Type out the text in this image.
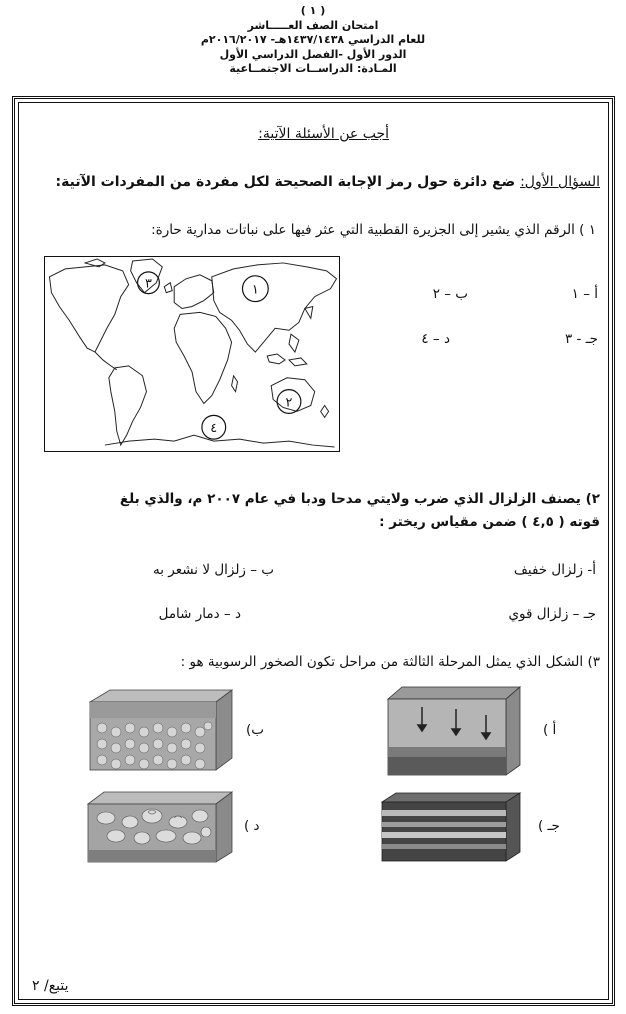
( ١ )
امتحان الصف العـــــاشر
للعام الدراسي ١٤٣٧/١٤٣٨هـ- ٢٠١٦/٢٠١٧م
الدور الأول -الفصل الدراسي الأول
المـادة: الدراســات الاجتمــاعية
أجب عن الأسئلة الآتية:
السؤال الأول: ضع دائرة حول رمز الإجابة الصحيحة لكل مفردة من المفردات الآتية:
١ ) الرقم الذي يشير إلى الجزيرة القطبية التي عثر فيها على نباتات مدارية حارة:
٣	١
٢
٤
أ – ١
ب – ٢
جـ - ٣
د – ٤
٢) يصنف الزلزال الذي ضرب ولايتي مدحا ودبا في عام ٢٠٠٧ م، والذي بلغ
قوته ( ٤,٥ ) ضمن مقياس ريختر :
أ- زلزال خفيف
ب – زلزال لا نشعر به
جـ – زلزال قوي
د – دمار شامل
٣) الشكل الذي يمثل المرحلة الثالثة من مراحل تكون الصخور الرسوبية هو :
أ )
ب)
جـ )
د )
يتبع/ ٢
